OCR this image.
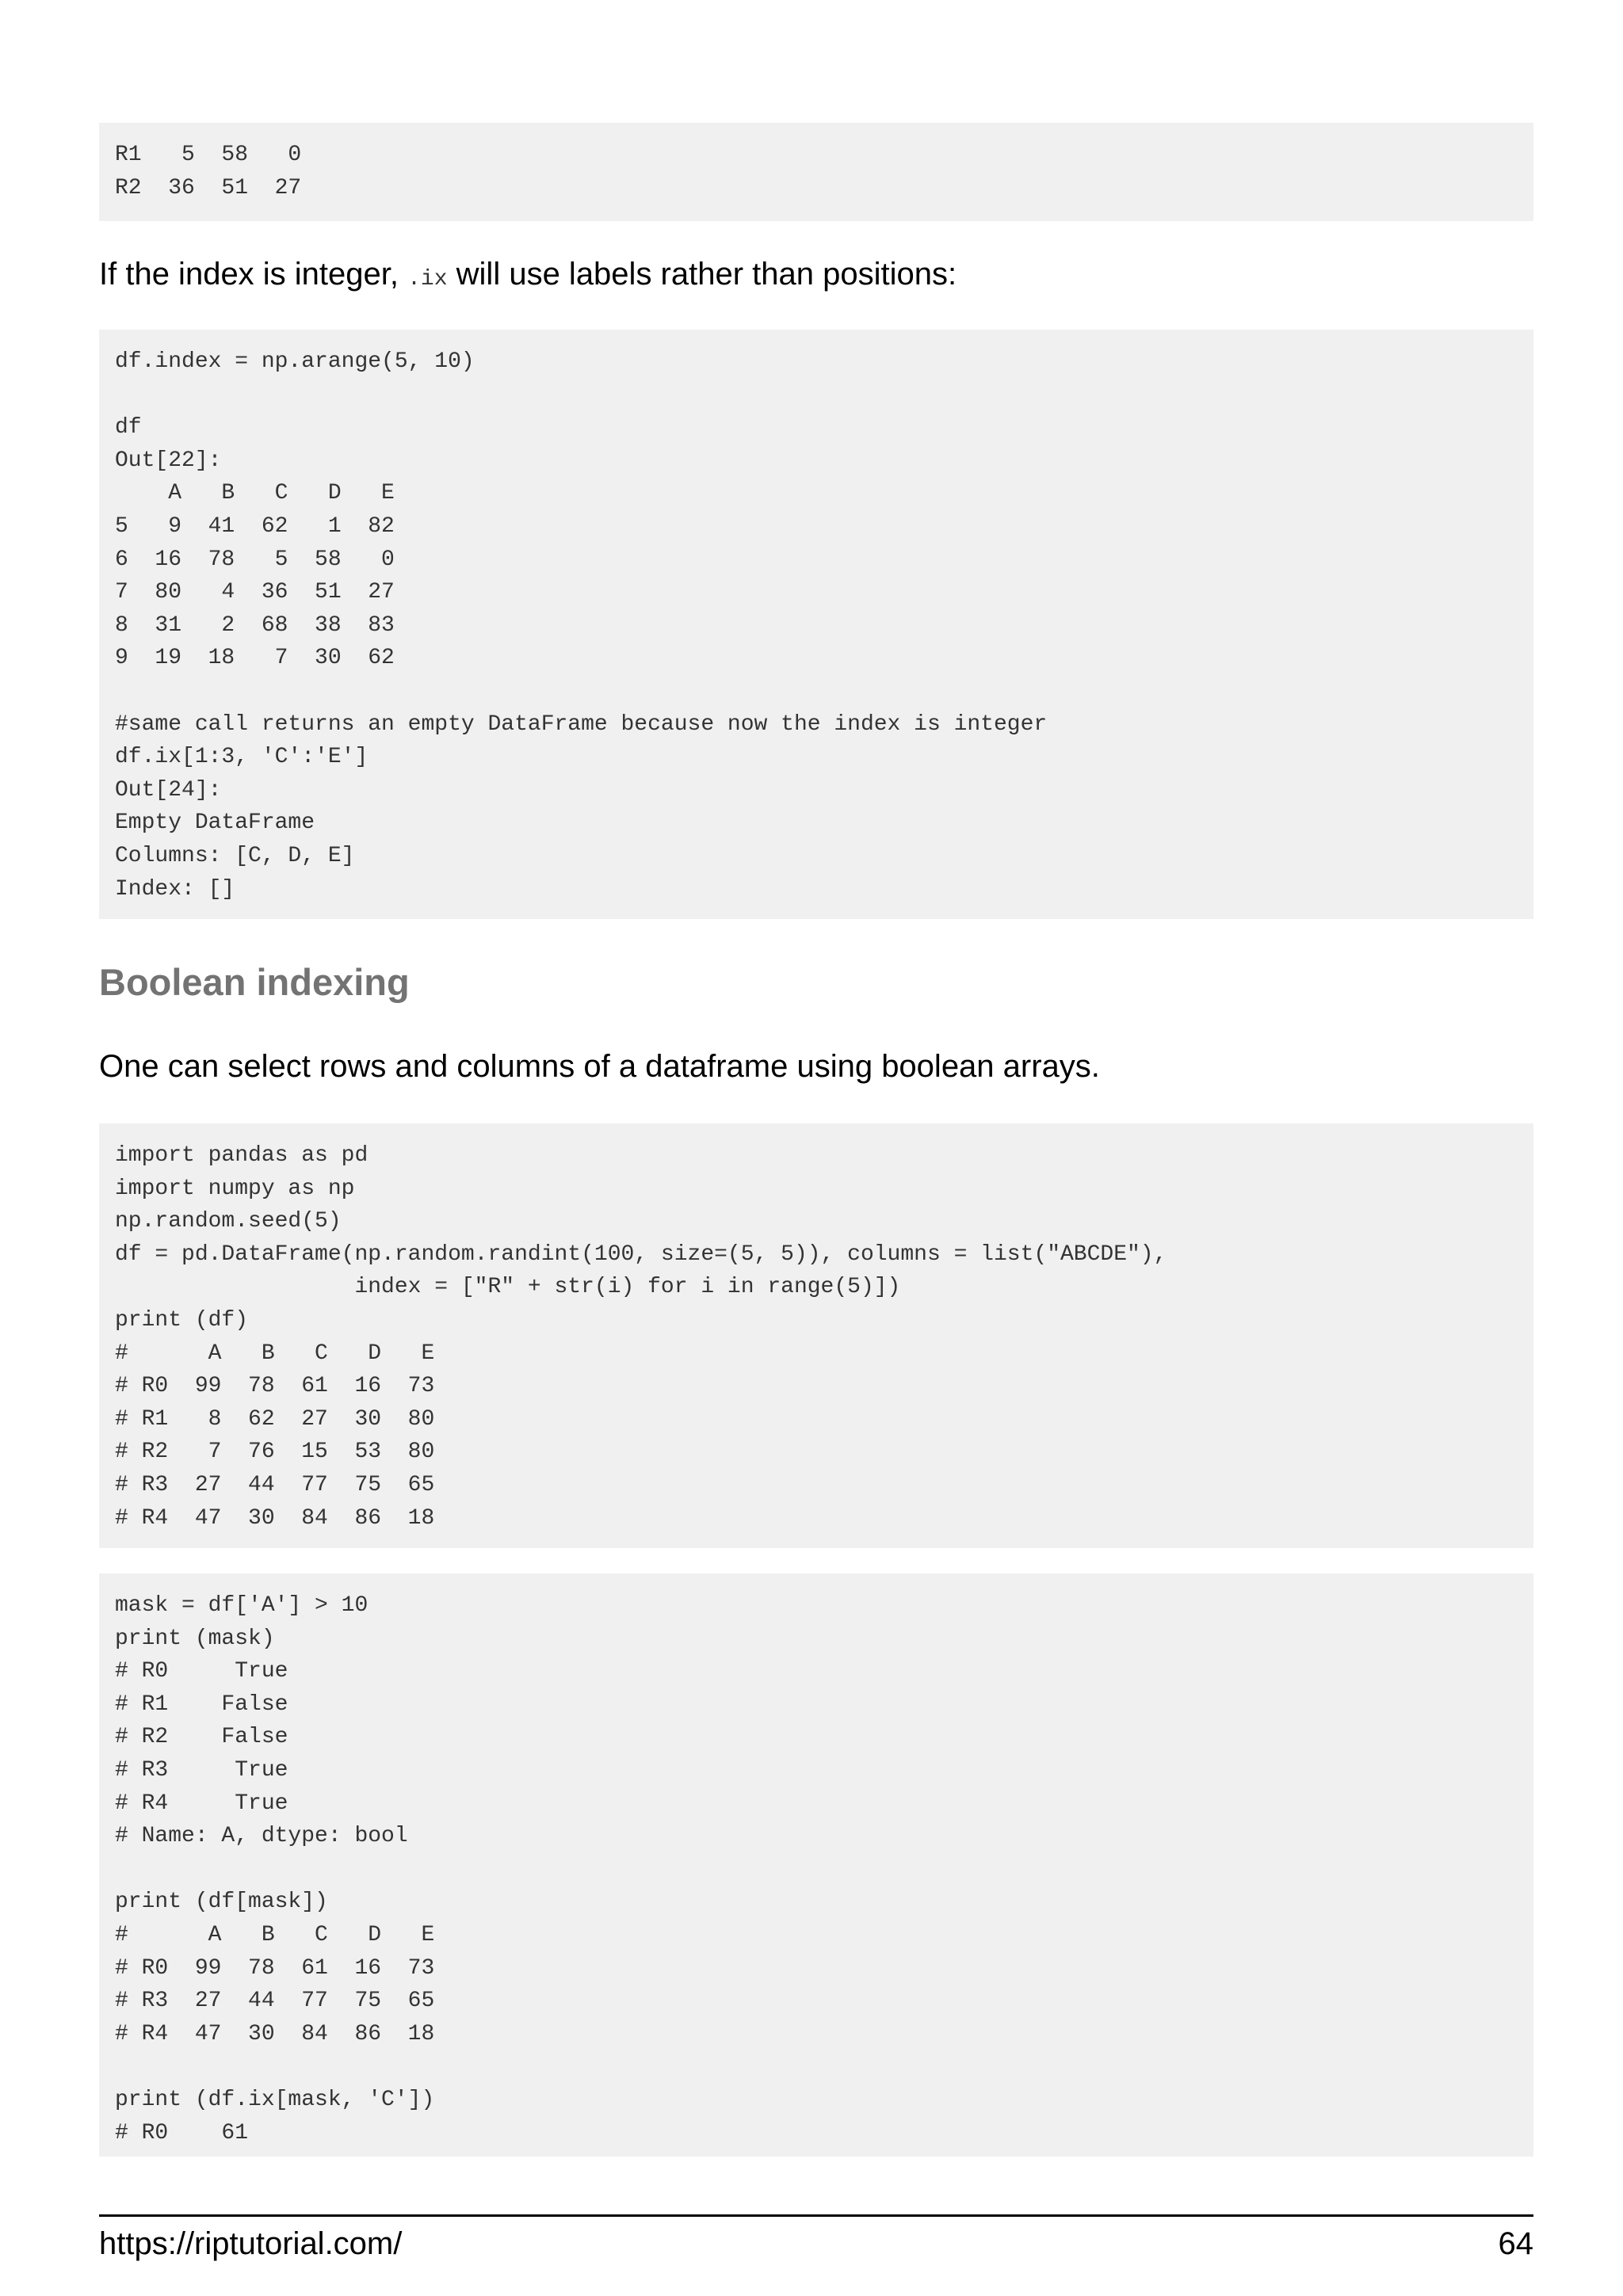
R1   5  58   0
R2  36  51  27
If the index is integer, .ix will use labels rather than positions:
df.index = np.arange(5, 10)
df
Out[22]:
A   B   C   D   E
5   9  41  62   1  82
6  16  78   5  58   0
7  80   4  36  51  27
8  31   2  68  38  83
9  19  18   7  30  62
#same call returns an empty DataFrame because now the index is integer
df.ix[1:3, 'C':'E']
Out[24]:
Empty DataFrame
Columns: [C, D, E]
Index: []
Boolean indexing
One can select rows and columns of a dataframe using boolean arrays.
import pandas as pd
import numpy as np
np.random.seed(5)
df = pd.DataFrame(np.random.randint(100, size=(5, 5)), columns = list("ABCDE"),
index = ["R" + str(i) for i in range(5)])
print (df)
#      A   B   C   D   E
# R0  99  78  61  16  73
# R1   8  62  27  30  80
# R2   7  76  15  53  80
# R3  27  44  77  75  65
# R4  47  30  84  86  18
mask = df['A'] > 10
print (mask)
# R0     True
# R1    False
# R2    False
# R3     True
# R4     True
# Name: A, dtype: bool
print (df[mask])
#      A   B   C   D   E
# R0  99  78  61  16  73
# R3  27  44  77  75  65
# R4  47  30  84  86  18
print (df.ix[mask, 'C'])
# R0    61
https://riptutorial.com/	64
